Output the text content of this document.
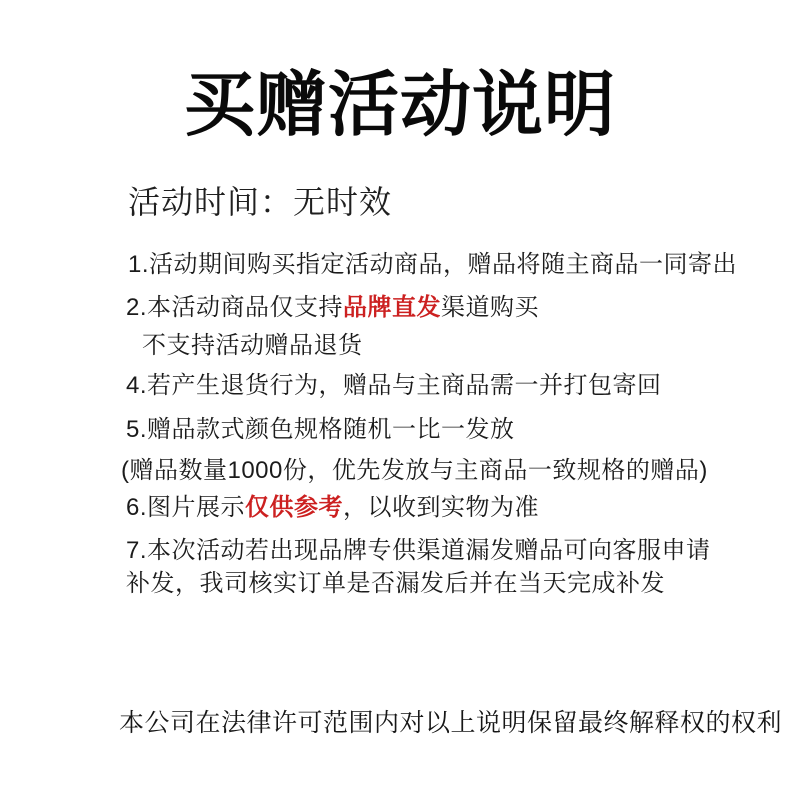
买赠活动说明
活动时间：无时效
1.活动期间购买指定活动商品，赠品将随主商品一同寄出
2.本活动商品仅支持品牌直发渠道购买
不支持活动赠品退货
4.若产生退货行为，赠品与主商品需一并打包寄回
5.赠品款式颜色规格随机一比一发放
(赠品数量1000份，优先发放与主商品一致规格的赠品)
6.图片展示仅供参考，以收到实物为准
7.本次活动若出现品牌专供渠道漏发赠品可向客服申请
补发，我司核实订单是否漏发后并在当天完成补发
本公司在法律许可范围内对以上说明保留最终解释权的权利
